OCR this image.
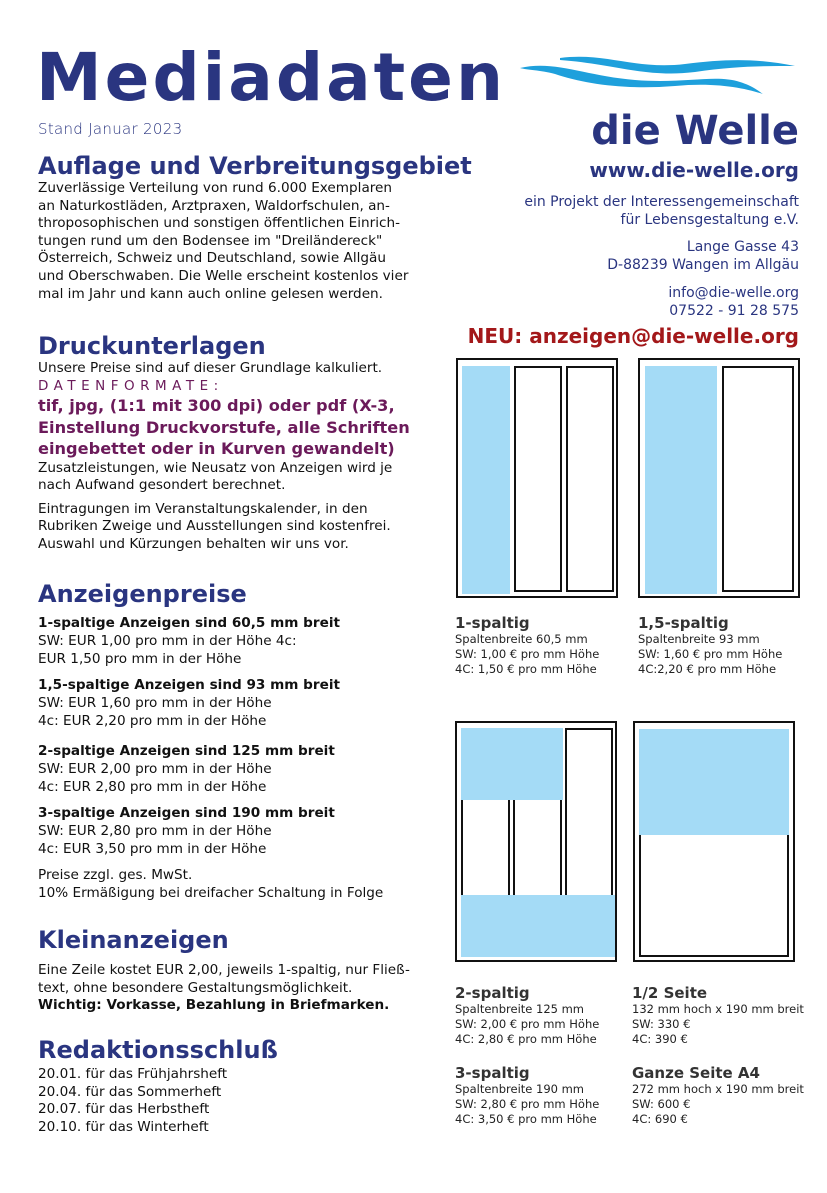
Mediadaten
Stand Januar 2023	die Welle
www.die-welle.org
ein Projekt der Interessengemeinschaft
für Lebensgestaltung e.V.
Lange Gasse 43
D-88239 Wangen im Allgäu
info@die-welle.org
07522 - 91 28 575
NEU: anzeigen@die-welle.org
Auflage und Verbreitungsgebiet

Zuverlässige Verteilung von rund 6.000 Exemplaren

an Naturkostläden, Arztpraxen, Waldorfschulen, an-

throposophischen und sonstigen öffentlichen Einrich-

tungen rund um den Bodensee im "Dreiländereck"

Österreich, Schweiz und Deutschland, sowie Allgäu

und Oberschwaben. Die Welle erscheint kostenlos vier

mal im Jahr und kann auch online gelesen werden.

Druckunterlagen

Unsere Preise sind auf dieser Grundlage kalkuliert.

DATENFORMATE:

tif, jpg, (1:1 mit 300 dpi) oder pdf (X-3,

Einstellung Druckvorstufe, alle Schriften

eingebettet oder in Kurven gewandelt)

Zusatzleistungen, wie Neusatz von Anzeigen wird je

nach Aufwand gesondert berechnet.

Eintragungen im Veranstaltungskalender, in den

Rubriken Zweige und Ausstellungen sind kostenfrei.

Auswahl und Kürzungen behalten wir uns vor.

Anzeigenpreise
1-spaltige Anzeigen sind 60,5 mm breit
SW: EUR 1,00 pro mm in der Höhe 4c:
EUR 1,50 pro mm in der Höhe
1,5-spaltige Anzeigen sind 93 mm breit
SW: EUR 1,60 pro mm in der Höhe
4c: EUR 2,20 pro mm in der Höhe
2-spaltige Anzeigen sind 125 mm breit
SW: EUR 2,00 pro mm in der Höhe
4c: EUR 2,80 pro mm in der Höhe
3-spaltige Anzeigen sind 190 mm breit
SW: EUR 2,80 pro mm in der Höhe
4c: EUR 3,50 pro mm in der Höhe
Preise zzgl. ges. MwSt.
10% Ermäßigung bei dreifacher Schaltung in Folge
Kleinanzeigen

Eine Zeile kostet EUR 2,00, jeweils 1-spaltig, nur Fließ-

text, ohne besondere Gestaltungsmöglichkeit.

Wichtig: Vorkasse, Bezahlung in Briefmarken.

Redaktionsschluß

20.01. für das Frühjahrsheft

20.04. für das Sommerheft

20.07. für das Herbstheft

20.10. für das Winterheft

1-spaltig
Spaltenbreite 60,5 mm
SW: 1,00 € pro mm Höhe
4C: 1,50 € pro mm Höhe
1,5-spaltig
Spaltenbreite 93 mm
SW: 1,60 € pro mm Höhe
4C:2,20 € pro mm Höhe
2-spaltig
Spaltenbreite 125 mm
SW: 2,00 € pro mm Höhe
4C: 2,80 € pro mm Höhe
1/2 Seite
132 mm hoch x 190 mm breit
SW: 330 €
4C: 390 €
3-spaltig
Spaltenbreite 190 mm
SW: 2,80 € pro mm Höhe
4C: 3,50 € pro mm Höhe
Ganze Seite A4
272 mm hoch x 190 mm breit
SW: 600 €
4C: 690 €
